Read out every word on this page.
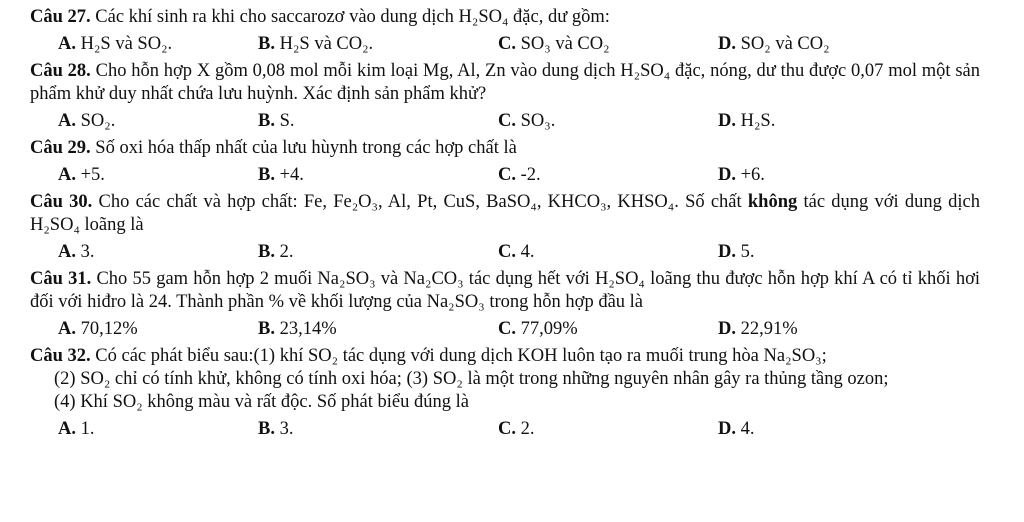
Câu 27. Các khí sinh ra khi cho saccarozơ vào dung dịch H₂SO₄ đặc, dư gồm:

A. H₂S và SO₂.	B. H₂S và CO₂.	C. SO₃ và CO₂	D. SO₂ và CO₂

Câu 28. Cho hỗn hợp X gồm 0,08 mol mỗi kim loại Mg, Al, Zn vào dung dịch H₂SO₄ đặc, nóng, dư thu được 0,07 mol một sản phẩm khử duy nhất chứa lưu huỳnh. Xác định sản phẩm khử?

A. SO₂.	B. S.	C. SO₃.	D. H₂S.

Câu 29. Số oxi hóa thấp nhất của lưu hùynh trong các hợp chất là

A. +5.	B. +4.	C. -2.	D. +6.

Câu 30. Cho các chất và hợp chất: Fe, Fe₂O₃, Al, Pt, CuS, BaSO₄, KHCO₃, KHSO₄. Số chất không tác dụng với dung dịch H₂SO₄ loãng là

A. 3.	B. 2.	C. 4.	D. 5.

Câu 31. Cho 55 gam hỗn hợp 2 muối Na₂SO₃ và Na₂CO₃ tác dụng hết với H₂SO₄ loãng thu được hỗn hợp khí A có tỉ khối hơi đối với hiđro là 24. Thành phần % về khối lượng của Na₂SO₃ trong hỗn hợp đầu là

A. 70,12%	B. 23,14%	C. 77,09%	D. 22,91%

Câu 32. Có các phát biểu sau:(1) khí SO₂ tác dụng với dung dịch KOH luôn tạo ra muối trung hòa Na₂SO₃;
(2) SO₂ chỉ có tính khử, không có tính oxi hóa; (3) SO₂ là một trong những nguyên nhân gây ra thủng tầng ozon;
(4) Khí SO₂ không màu và rất độc. Số phát biểu đúng là

A. 1.	B. 3.	C. 2.	D. 4.
